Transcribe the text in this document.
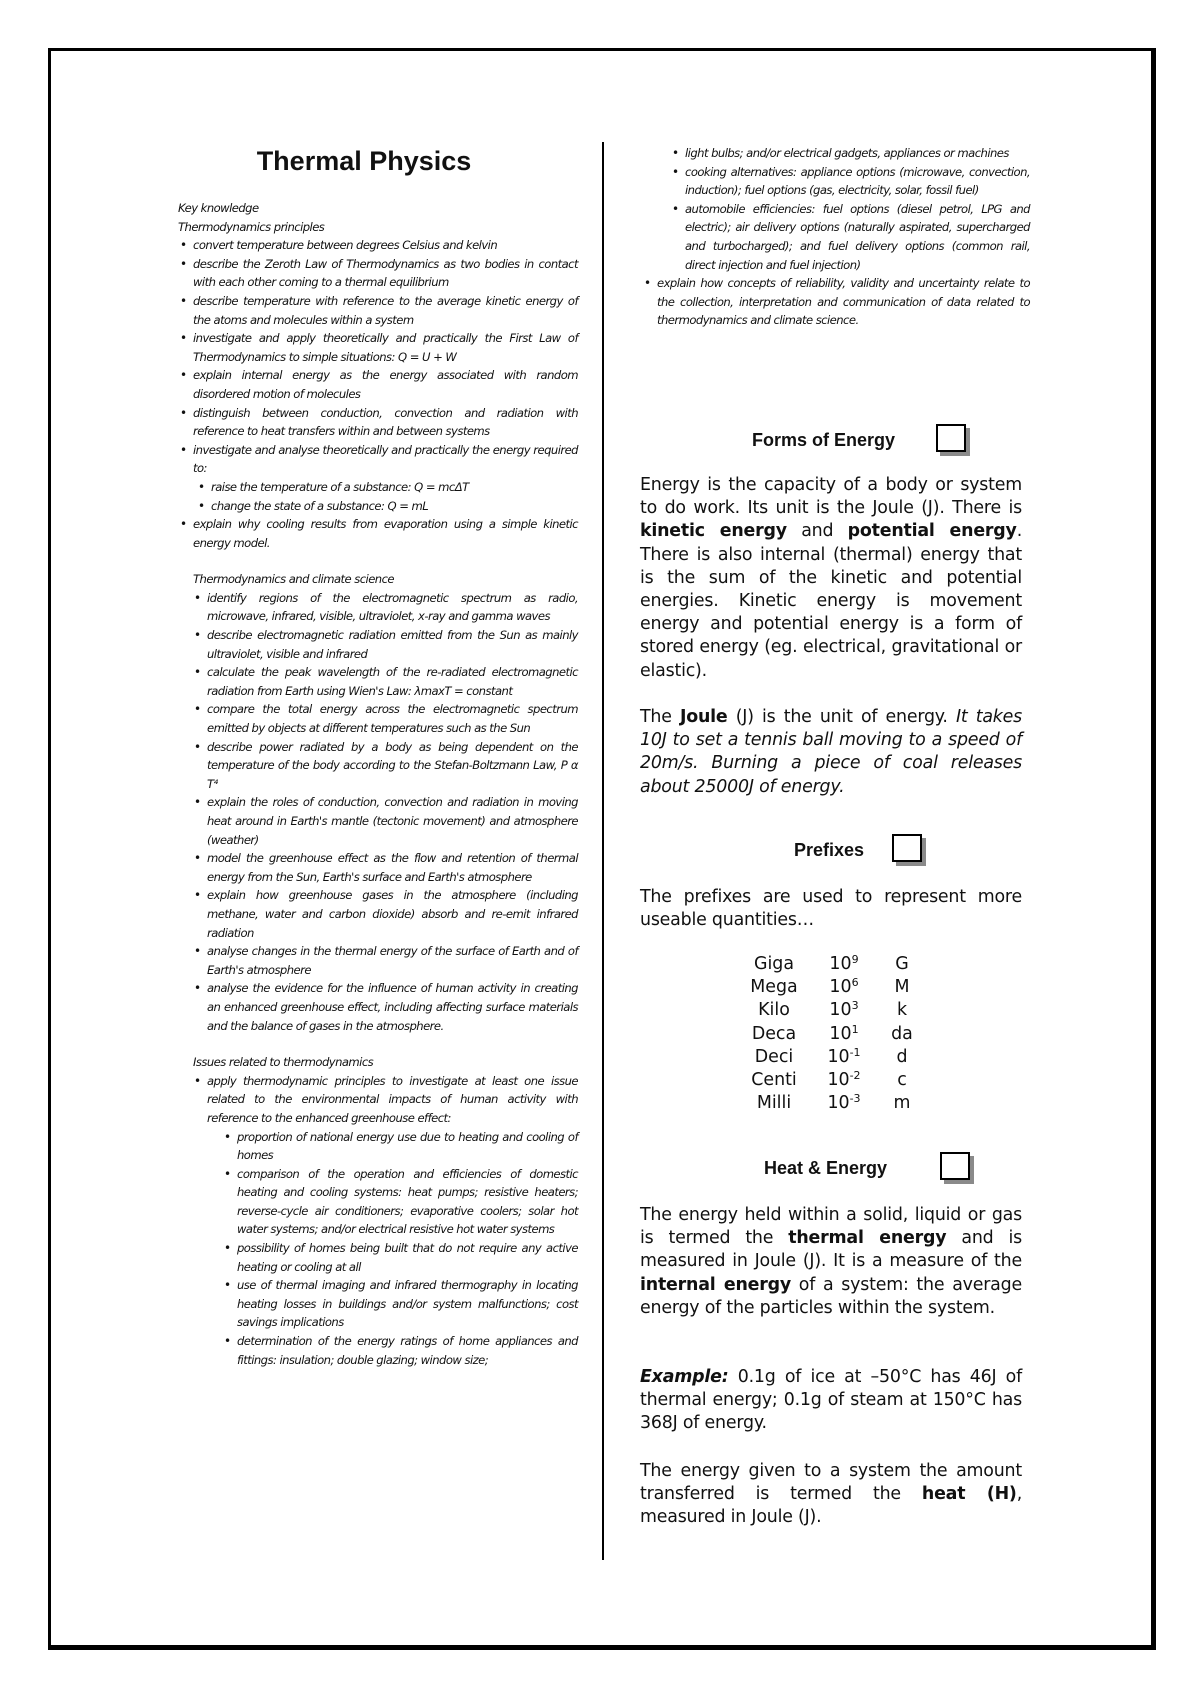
Thermal Physics
Key knowledge
Thermodynamics principles
• convert temperature between degrees Celsius and kelvin
• describe the Zeroth Law of Thermodynamics as two bodies in contact with each other coming to a thermal equilibrium
• describe temperature with reference to the average kinetic energy of the atoms and molecules within a system
• investigate and apply theoretically and practically the First Law of Thermodynamics to simple situations: Q = U + W
• explain internal energy as the energy associated with random disordered motion of molecules
• distinguish between conduction, convection and radiation with reference to heat transfers within and between systems
• investigate and analyse theoretically and practically the energy required to:
• raise the temperature of a substance: Q = mcΔT
• change the state of a substance: Q = mL
• explain why cooling results from evaporation using a simple kinetic energy model.
Thermodynamics and climate science
• identify regions of the electromagnetic spectrum as radio, microwave, infrared, visible, ultraviolet, x-ray and gamma waves
• describe electromagnetic radiation emitted from the Sun as mainly ultraviolet, visible and infrared
• calculate the peak wavelength of the re-radiated electromagnetic radiation from Earth using Wien's Law: λmaxT = constant
• compare the total energy across the electromagnetic spectrum emitted by objects at different temperatures such as the Sun
• describe power radiated by a body as being dependent on the temperature of the body according to the Stefan-Boltzmann Law, P α T⁴
• explain the roles of conduction, convection and radiation in moving heat around in Earth's mantle (tectonic movement) and atmosphere (weather)
• model the greenhouse effect as the flow and retention of thermal energy from the Sun, Earth's surface and Earth's atmosphere
• explain how greenhouse gases in the atmosphere (including methane, water and carbon dioxide) absorb and re-emit infrared radiation
• analyse changes in the thermal energy of the surface of Earth and of Earth's atmosphere
• analyse the evidence for the influence of human activity in creating an enhanced greenhouse effect, including affecting surface materials and the balance of gases in the atmosphere.
Issues related to thermodynamics
• apply thermodynamic principles to investigate at least one issue related to the environmental impacts of human activity with reference to the enhanced greenhouse effect:
• proportion of national energy use due to heating and cooling of homes
• comparison of the operation and efficiencies of domestic heating and cooling systems: heat pumps; resistive heaters; reverse-cycle air conditioners; evaporative coolers; solar hot water systems; and/or electrical resistive hot water systems
• possibility of homes being built that do not require any active heating or cooling at all
• use of thermal imaging and infrared thermography in locating heating losses in buildings and/or system malfunctions; cost savings implications
• determination of the energy ratings of home appliances and fittings: insulation; double glazing; window size;
• light bulbs; and/or electrical gadgets, appliances or machines
• cooking alternatives: appliance options (microwave, convection, induction); fuel options (gas, electricity, solar, fossil fuel)
• automobile efficiencies: fuel options (diesel petrol, LPG and electric); air delivery options (naturally aspirated, supercharged and turbocharged); and fuel delivery options (common rail, direct injection and fuel injection)
• explain how concepts of reliability, validity and uncertainty relate to the collection, interpretation and communication of data related to thermodynamics and climate science.
Forms of Energy
Energy is the capacity of a body or system to do work. Its unit is the Joule (J). There is kinetic energy and potential energy. There is also internal (thermal) energy that is the sum of the kinetic and potential energies. Kinetic energy is movement energy and potential energy is a form of stored energy (eg. electrical, gravitational or elastic).
The Joule (J) is the unit of energy. It takes 10J to set a tennis ball moving to a speed of 20m/s. Burning a piece of coal releases about 25000J of energy.
Prefixes
The prefixes are used to represent more useable quantities…
Giga	$10^9$	G
Mega	$10^6$	M
Kilo	$10^3$	k
Deca	$10^1$	da
Deci	$10^{-1}$	d
Centi	$10^{-2}$	c
Milli	$10^{-3}$	m
Heat & Energy
The energy held within a solid, liquid or gas is termed the thermal energy and is measured in Joule (J). It is a measure of the internal energy of a system: the average energy of the particles within the system.
Example: 0.1g of ice at –50°C has 46J of thermal energy; 0.1g of steam at 150°C has 368J of energy.
The energy given to a system the amount transferred is termed the heat (H), measured in Joule (J).
